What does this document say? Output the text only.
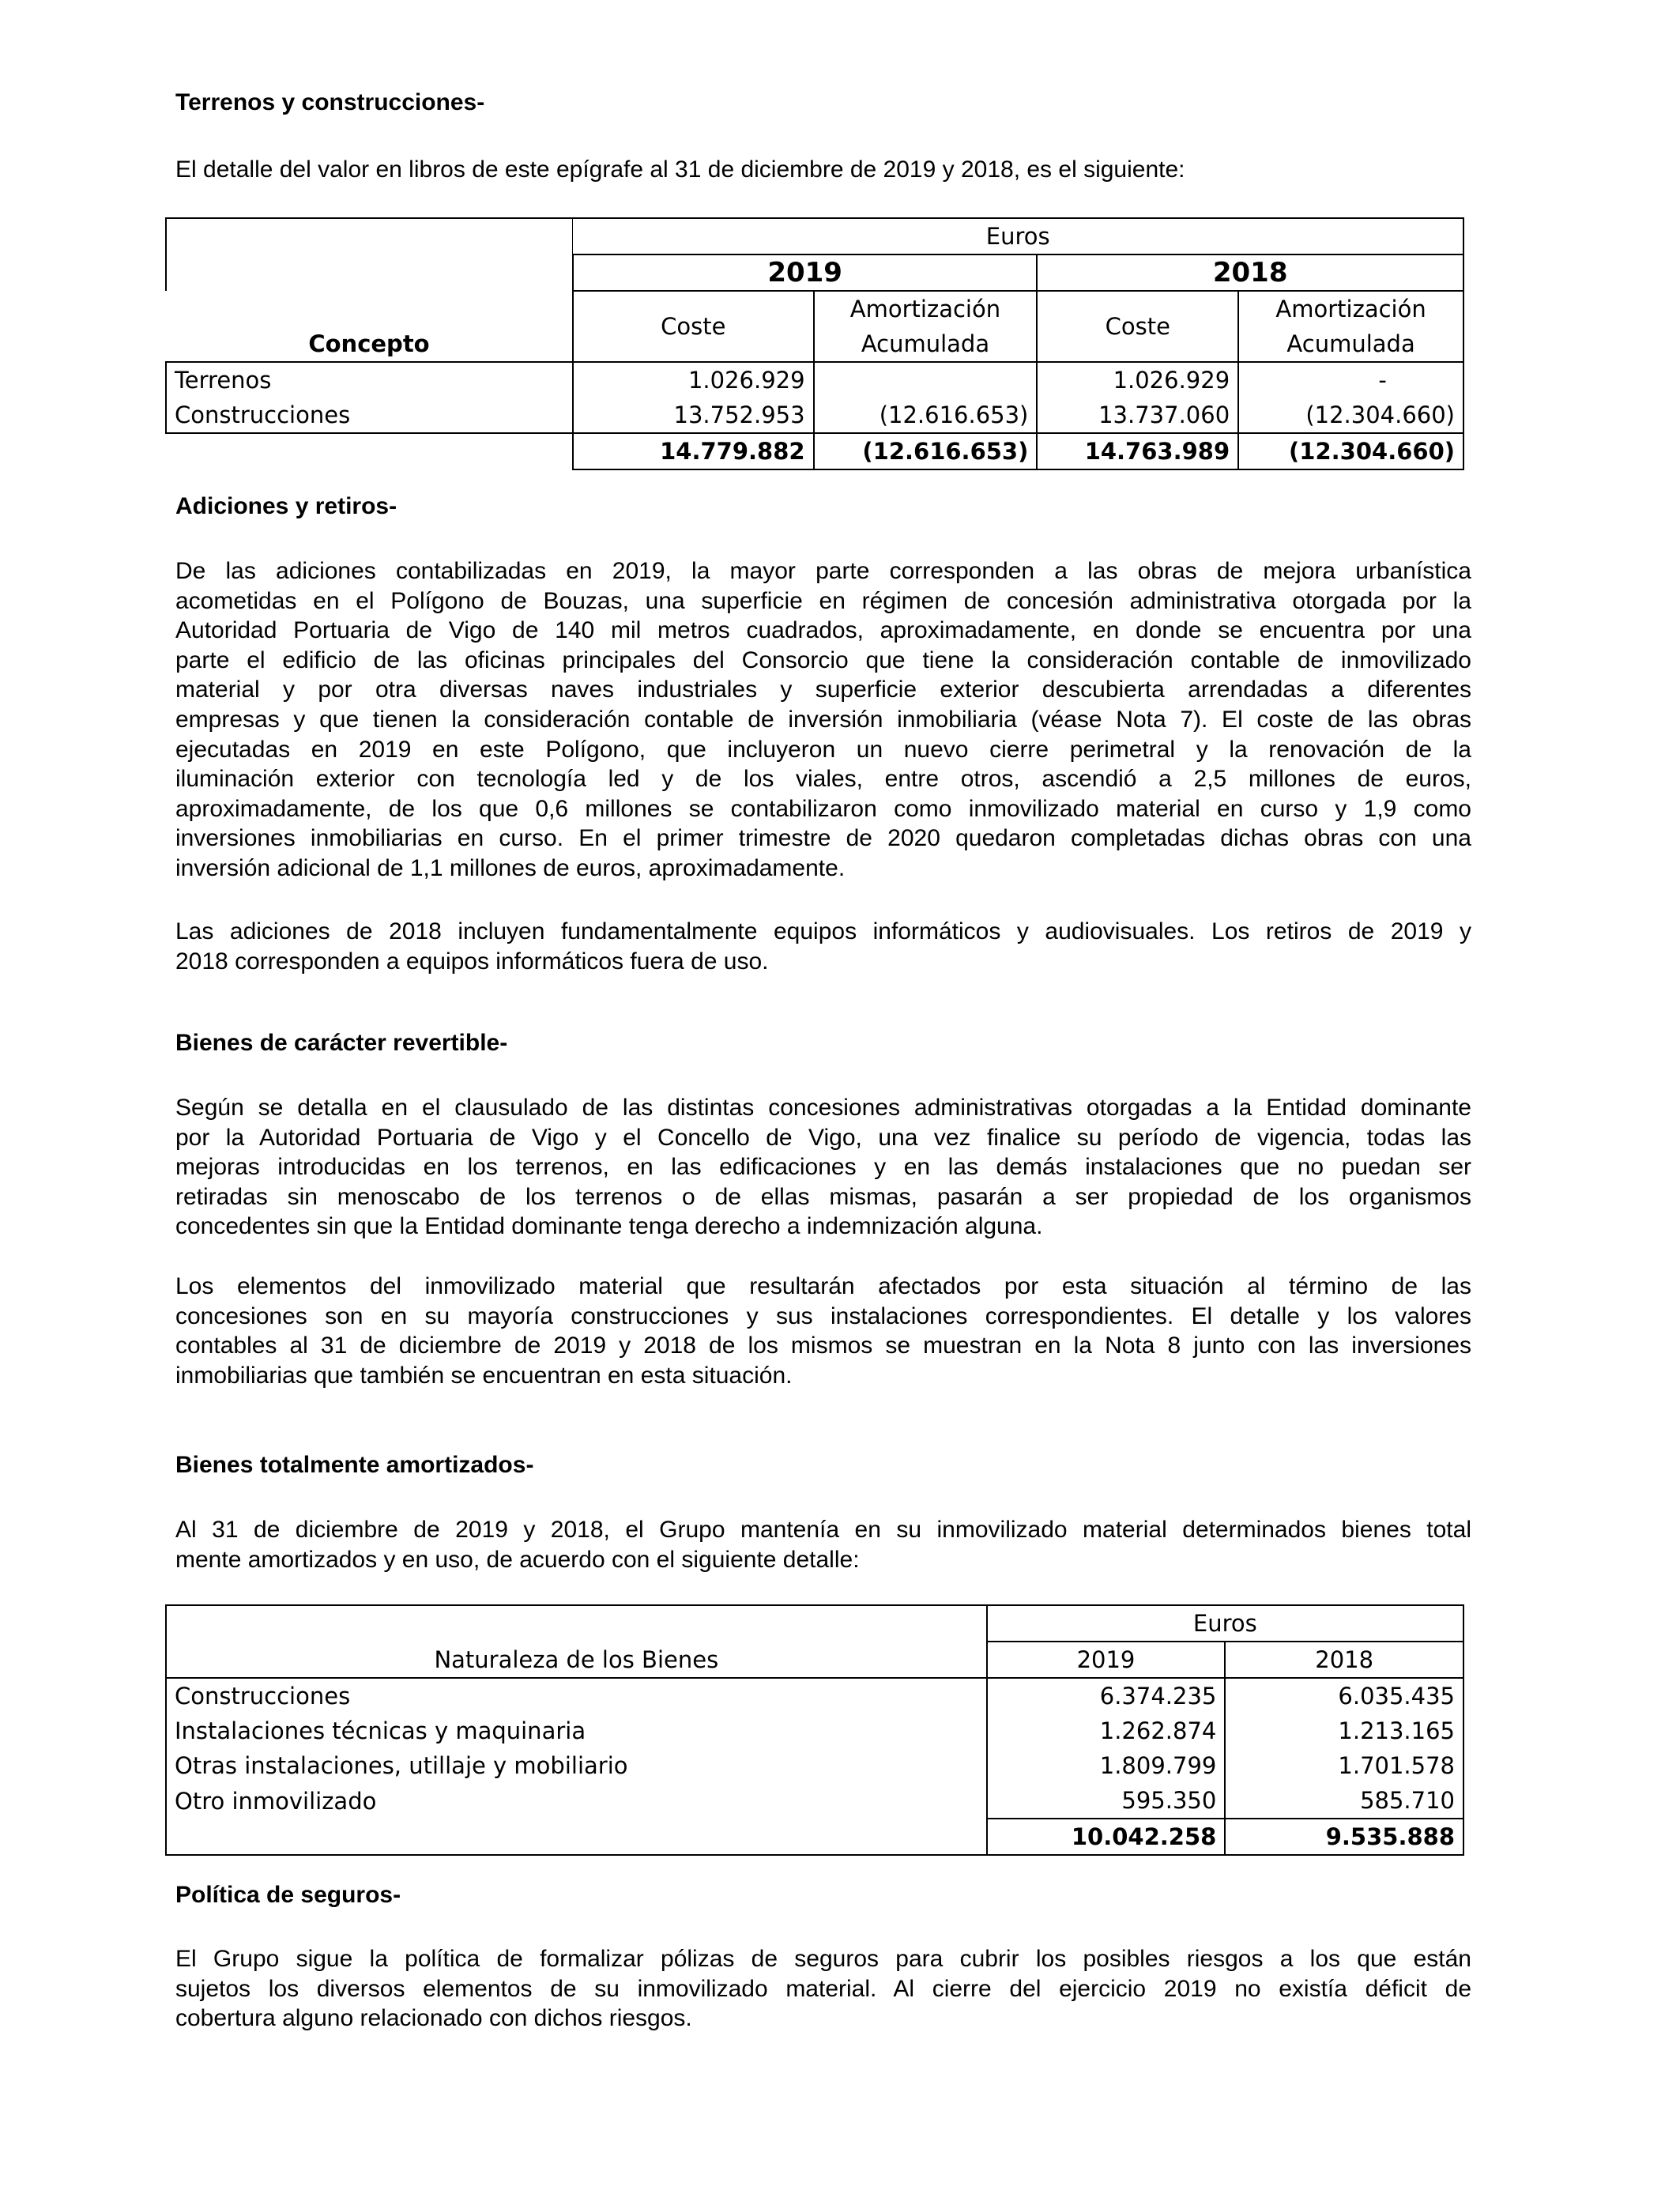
Terrenos y construcciones-

El detalle del valor en libros de este epígrafe al 31 de diciembre de 2019 y 2018, es el siguiente:

	Euros			
	2019		2018	
Concepto	Coste	Amortización	Coste	Amortización
		Acumulada		Acumulada
Terrenos	1.026.929		1.026.929	-
Construcciones	13.752.953	(12.616.653)	13.737.060	(12.304.660)
	14.779.882	(12.616.653)	14.763.989	(12.304.660)
Adiciones y retiros-
De las adiciones contabilizadas en 2019, la mayor parte corresponden a las obras de mejora urbanística
acometidas en el Polígono de Bouzas, una superficie en régimen de concesión administrativa otorgada por la
Autoridad Portuaria de Vigo de 140 mil metros cuadrados, aproximadamente, en donde se encuentra por una
parte el edificio de las oficinas principales del Consorcio que tiene la consideración contable de inmovilizado
material y por otra diversas naves industriales y superficie exterior descubierta arrendadas a diferentes
empresas y que tienen la consideración contable de inversión inmobiliaria (véase Nota 7). El coste de las obras
ejecutadas en 2019 en este Polígono, que incluyeron un nuevo cierre perimetral y la renovación de la
iluminación exterior con tecnología led y de los viales, entre otros, ascendió a 2,5 millones de euros,
aproximadamente, de los que 0,6 millones se contabilizaron como inmovilizado material en curso y 1,9 como
inversiones inmobiliarias en curso. En el primer trimestre de 2020 quedaron completadas dichas obras con una
inversión adicional de 1,1 millones de euros, aproximadamente.
Las adiciones de 2018 incluyen fundamentalmente equipos informáticos y audiovisuales. Los retiros de 2019 y
2018 corresponden a equipos informáticos fuera de uso.
Bienes de carácter revertible-
Según se detalla en el clausulado de las distintas concesiones administrativas otorgadas a la Entidad dominante
por la Autoridad Portuaria de Vigo y el Concello de Vigo, una vez finalice su período de vigencia, todas las
mejoras introducidas en los terrenos, en las edificaciones y en las demás instalaciones que no puedan ser
retiradas sin menoscabo de los terrenos o de ellas mismas, pasarán a ser propiedad de los organismos
concedentes sin que la Entidad dominante tenga derecho a indemnización alguna.
Los elementos del inmovilizado material que resultarán afectados por esta situación al término de las
concesiones son en su mayoría construcciones y sus instalaciones correspondientes. El detalle y los valores
contables al 31 de diciembre de 2019 y 2018 de los mismos se muestran en la Nota 8 junto con las inversiones
inmobiliarias que también se encuentran en esta situación.
Bienes totalmente amortizados-
Al 31 de diciembre de 2019 y 2018, el Grupo mantenía en su inmovilizado material determinados bienes total
mente amortizados y en uso, de acuerdo con el siguiente detalle:
	Euros	
Naturaleza de los Bienes	2019	2018
Construcciones	6.374.235	6.035.435
Instalaciones técnicas y maquinaria	1.262.874	1.213.165
Otras instalaciones, utillaje y mobiliario	1.809.799	1.701.578
Otro inmovilizado	595.350	585.710
	10.042.258	9.535.888
Política de seguros-
El Grupo sigue la política de formalizar pólizas de seguros para cubrir los posibles riesgos a los que están
sujetos los diversos elementos de su inmovilizado material. Al cierre del ejercicio 2019 no existía déficit de
cobertura alguno relacionado con dichos riesgos.
